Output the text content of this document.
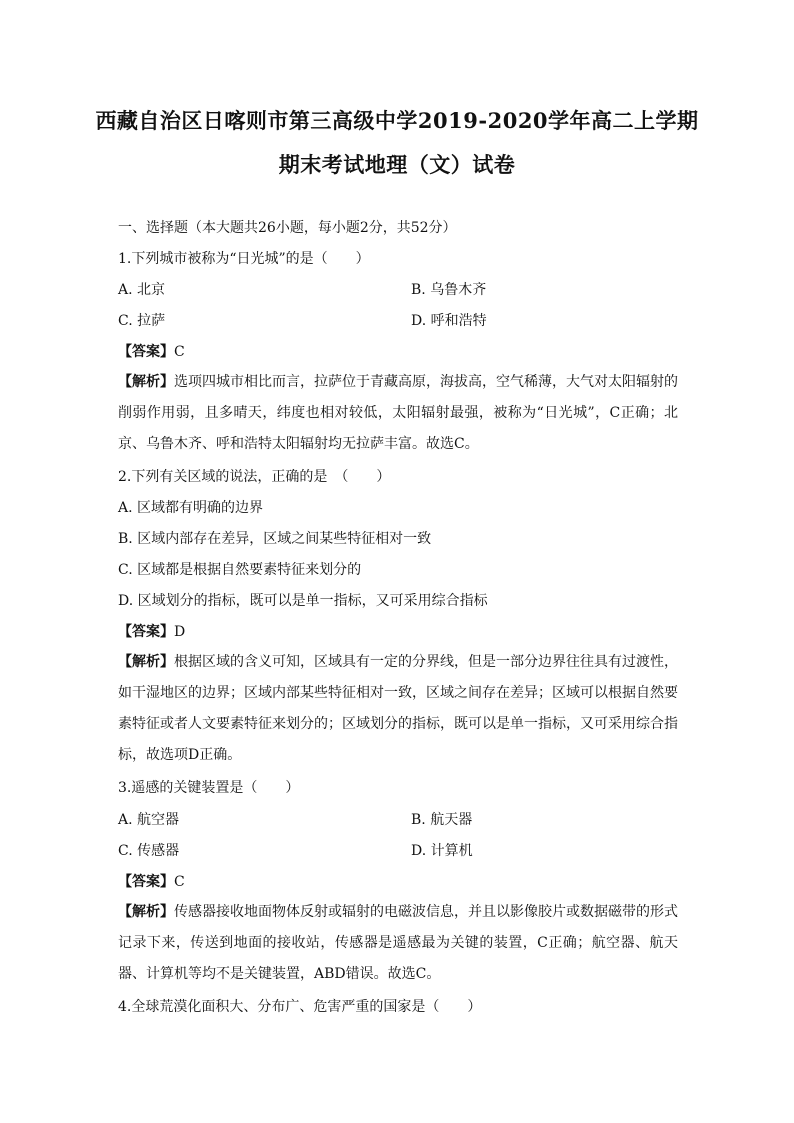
西藏自治区日喀则市第三高级中学2019-2020学年高二上学期
期末考试地理（文）试卷
一、选择题（本大题共26小题，每小题2分，共52分）
1.下列城市被称为“日光城”的是（　　）
A. 北京	B. 乌鲁木齐
C. 拉萨	D. 呼和浩特
【答案】C
【解析】选项四城市相比而言，拉萨位于青藏高原，海拔高，空气稀薄，大气对太阳辐射的削弱作用弱，且多晴天，纬度也相对较低，太阳辐射最强，被称为“日光城”，C正确；北京、乌鲁木齐、呼和浩特太阳辐射均无拉萨丰富。故选C。
2.下列有关区域的说法，正确的是　（　　）
A. 区域都有明确的边界
B. 区域内部存在差异，区域之间某些特征相对一致
C. 区域都是根据自然要素特征来划分的
D. 区域划分的指标，既可以是单一指标，又可采用综合指标
【答案】D
【解析】根据区域的含义可知，区域具有一定的分界线，但是一部分边界往往具有过渡性，如干湿地区的边界；区域内部某些特征相对一致，区域之间存在差异；区域可以根据自然要素特征或者人文要素特征来划分的；区域划分的指标，既可以是单一指标，又可采用综合指标，故选项D正确。
3.遥感的关键装置是（　　）
A. 航空器	B. 航天器
C. 传感器	D. 计算机
【答案】C
【解析】传感器接收地面物体反射或辐射的电磁波信息，并且以影像胶片或数据磁带的形式记录下来，传送到地面的接收站，传感器是遥感最为关键的装置，C正确；航空器、航天器、计算机等均不是关键装置，ABD错误。故选C。
4.全球荒漠化面积大、分布广、危害严重的国家是（　　）
